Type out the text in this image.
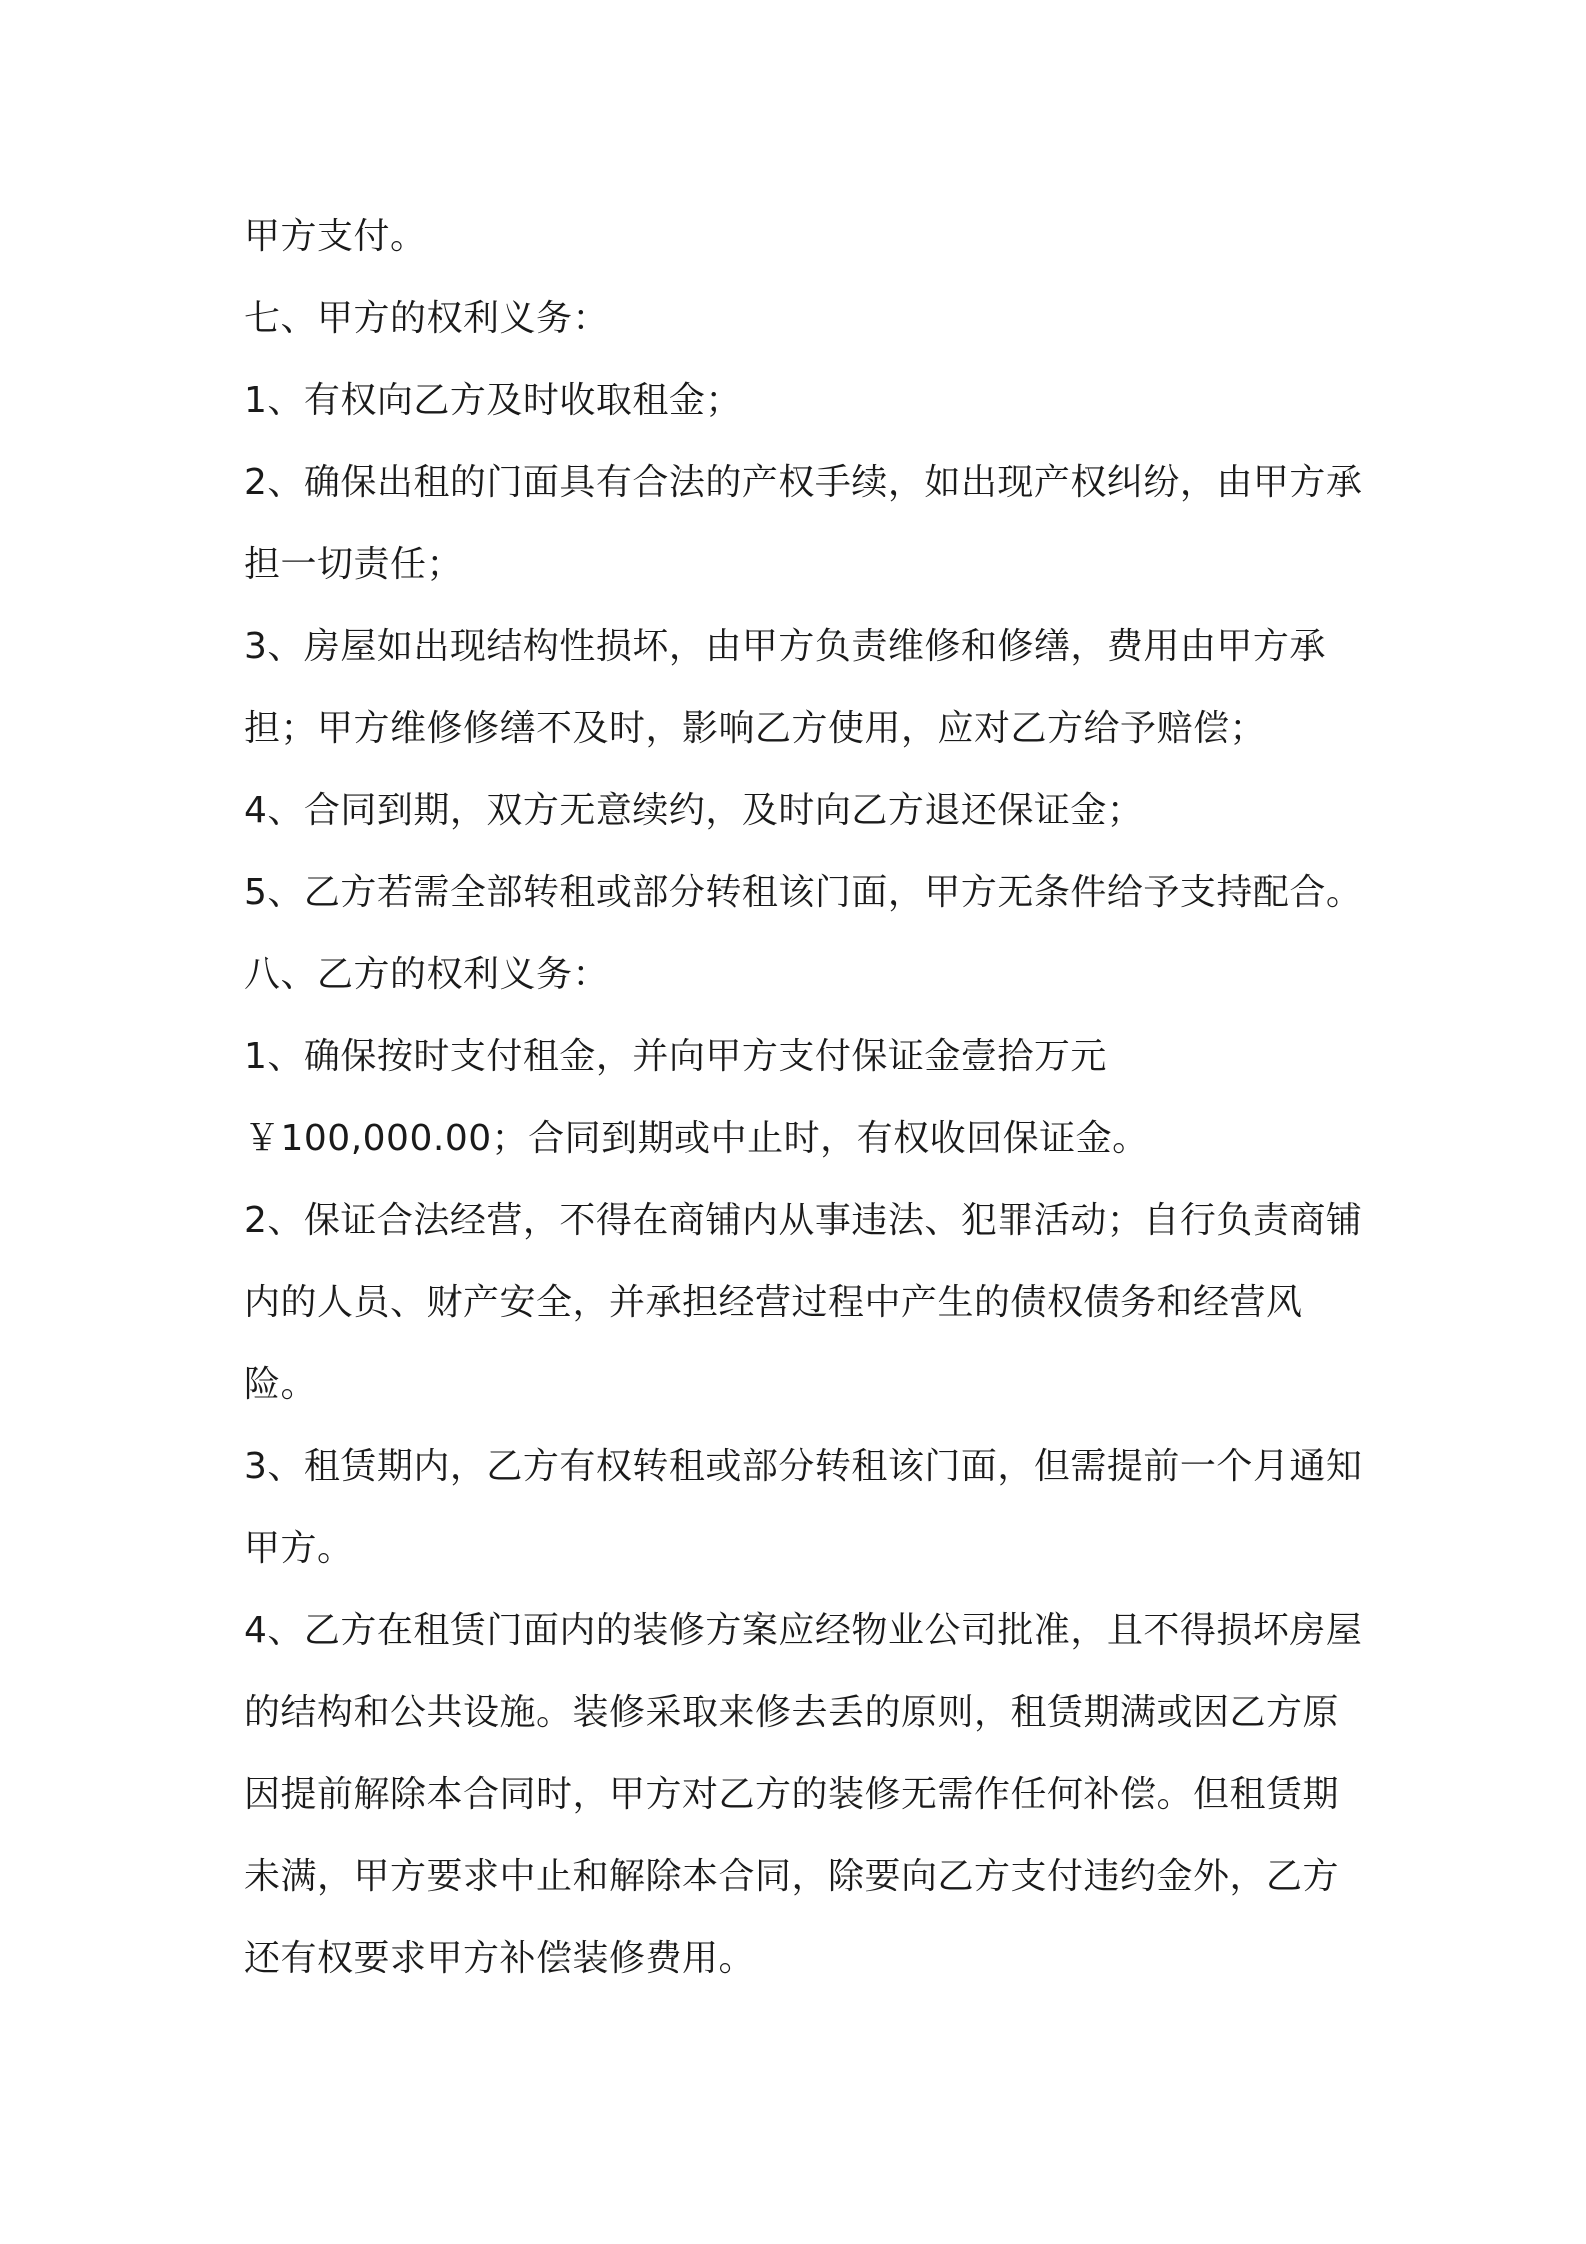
甲方支付。

七、甲方的权利义务：

1、有权向乙方及时收取租金；

2、确保出租的门面具有合法的产权手续，如出现产权纠纷，由甲方承担一切责任；

3、房屋如出现结构性损坏，由甲方负责维修和修缮，费用由甲方承担；甲方维修修缮不及时，影响乙方使用，应对乙方给予赔偿；

4、合同到期，双方无意续约，及时向乙方退还保证金；

5、乙方若需全部转租或部分转租该门面，甲方无条件给予支持配合。

八、乙方的权利义务：

1、确保按时支付租金，并向甲方支付保证金壹拾万元￥100,000.00；合同到期或中止时，有权收回保证金。

2、保证合法经营，不得在商铺内从事违法、犯罪活动；自行负责商铺内的人员、财产安全，并承担经营过程中产生的债权债务和经营风险。

3、租赁期内，乙方有权转租或部分转租该门面，但需提前一个月通知甲方。

4、乙方在租赁门面内的装修方案应经物业公司批准，且不得损坏房屋的结构和公共设施。装修采取来修去丢的原则，租赁期满或因乙方原因提前解除本合同时，甲方对乙方的装修无需作任何补偿。但租赁期未满，甲方要求中止和解除本合同，除要向乙方支付违约金外，乙方还有权要求甲方补偿装修费用。
